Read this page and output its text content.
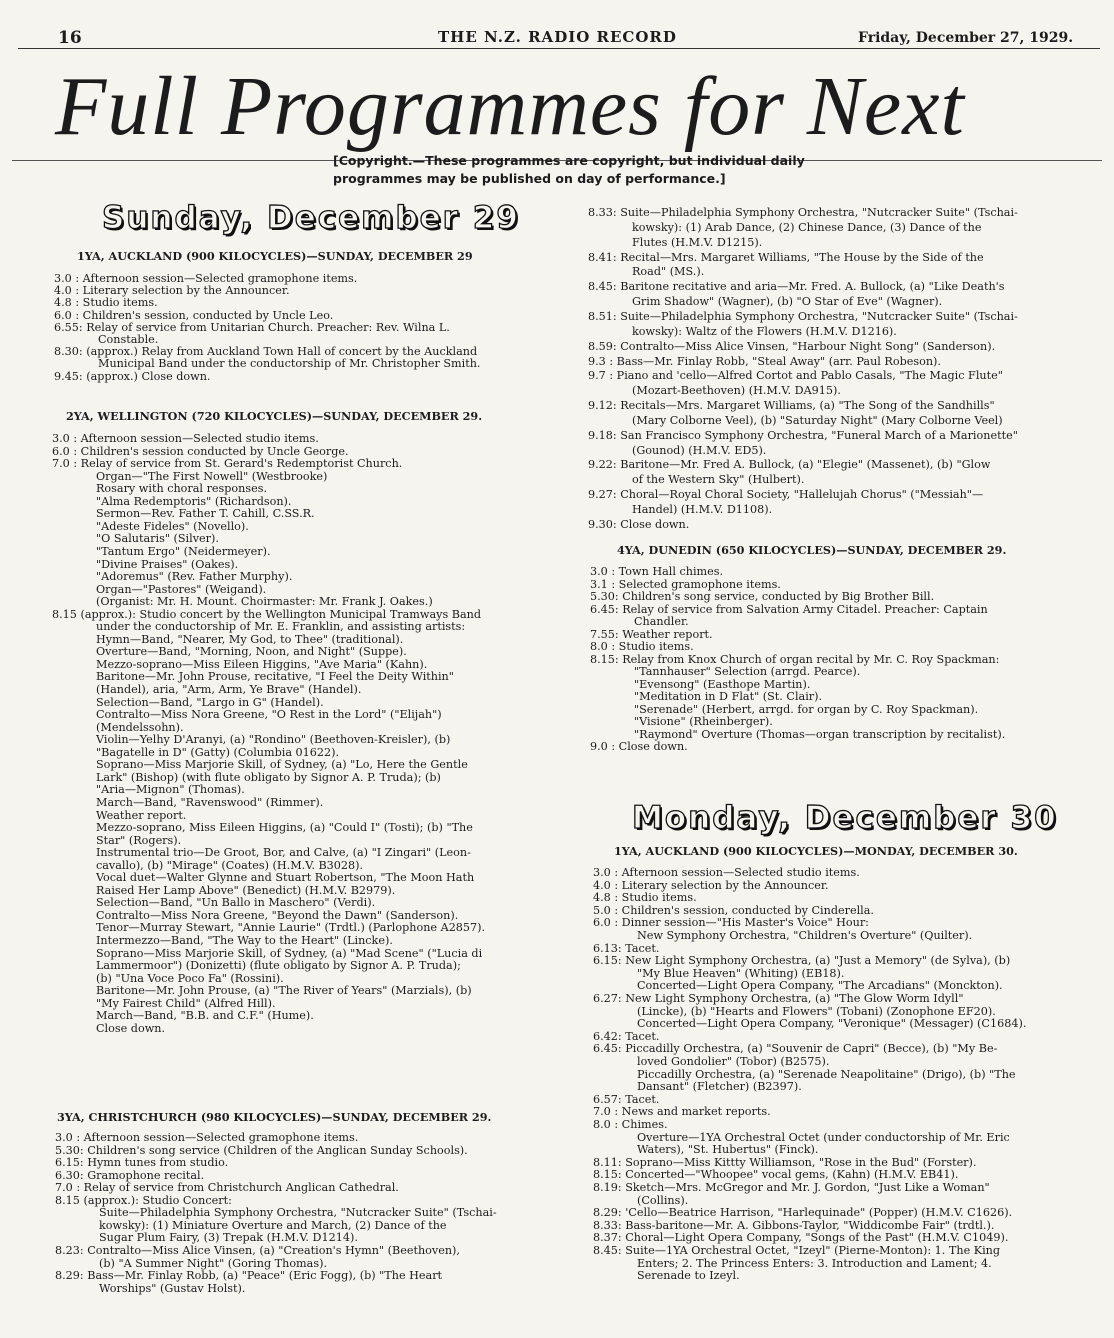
16	THE N.Z. RADIO RECORD	Friday, December 27, 1929.
Full Programmes for Next
[Copyright.—These programmes are copyright, but individual daily programmes may be published on day of performance.]
Sunday, December 29
1YA, AUCKLAND (900 KILOCYCLES)—SUNDAY, DECEMBER 29
3.0 : Afternoon session—Selected gramophone items.
4.0 : Literary selection by the Announcer.
4.8 : Studio items.
6.0 : Children's session, conducted by Uncle Leo.
6.55: Relay of service from Unitarian Church. Preacher: Rev. Wilna L.
Constable.
8.30: (approx.) Relay from Auckland Town Hall of concert by the Auckland
Municipal Band under the conductorship of Mr. Christopher Smith.
9.45: (approx.) Close down.
2YA, WELLINGTON (720 KILOCYCLES)—SUNDAY, DECEMBER 29.
3.0 : Afternoon session—Selected studio items.
6.0 : Children's session conducted by Uncle George.
7.0 : Relay of service from St. Gerard's Redemptorist Church.
Organ—"The First Nowell" (Westbrooke)
Rosary with choral responses.
"Alma Redemptoris" (Richardson).
Sermon—Rev. Father T. Cahill, C.SS.R.
"Adeste Fideles" (Novello).
"O Salutaris" (Silver).
"Tantum Ergo" (Neidermeyer).
"Divine Praises" (Oakes).
"Adoremus" (Rev. Father Murphy).
Organ—"Pastores" (Weigand).
(Organist: Mr. H. Mount. Choirmaster: Mr. Frank J. Oakes.)
8.15 (approx.): Studio concert by the Wellington Municipal Tramways Band
under the conductorship of Mr. E. Franklin, and assisting artists:
Hymn—Band, "Nearer, My God, to Thee" (traditional).
Overture—Band, "Morning, Noon, and Night" (Suppe).
Mezzo-soprano—Miss Eileen Higgins, "Ave Maria" (Kahn).
Baritone—Mr. John Prouse, recitative, "I Feel the Deity Within"
(Handel), aria, "Arm, Arm, Ye Brave" (Handel).
Selection—Band, "Largo in G" (Handel).
Contralto—Miss Nora Greene, "O Rest in the Lord" ("Elijah")
(Mendelssohn).
Violin—Yelhy D'Aranyi, (a) "Rondino" (Beethoven-Kreisler), (b)
"Bagatelle in D" (Gatty) (Columbia 01622).
Soprano—Miss Marjorie Skill, of Sydney, (a) "Lo, Here the Gentle
Lark" (Bishop) (with flute obligato by Signor A. P. Truda); (b)
"Aria—Mignon" (Thomas).
March—Band, "Ravenswood" (Rimmer).
Weather report.
Mezzo-soprano, Miss Eileen Higgins, (a) "Could I" (Tosti); (b) "The
Star" (Rogers).
Instrumental trio—De Groot, Bor, and Calve, (a) "I Zingari" (Leon-
cavallo), (b) "Mirage" (Coates) (H.M.V. B3028).
Vocal duet—Walter Glynne and Stuart Robertson, "The Moon Hath
Raised Her Lamp Above" (Benedict) (H.M.V. B2979).
Selection—Band, "Un Ballo in Maschero" (Verdi).
Contralto—Miss Nora Greene, "Beyond the Dawn" (Sanderson).
Tenor—Murray Stewart, "Annie Laurie" (Trdtl.) (Parlophone A2857).
Intermezzo—Band, "The Way to the Heart" (Lincke).
Soprano—Miss Marjorie Skill, of Sydney, (a) "Mad Scene" ("Lucia di
Lammermoor") (Donizetti) (flute obligato by Signor A. P. Truda);
(b) "Una Voce Poco Fa" (Rossini).
Baritone—Mr. John Prouse, (a) "The River of Years" (Marzials), (b)
"My Fairest Child" (Alfred Hill).
March—Band, "B.B. and C.F." (Hume).
Close down.
3YA, CHRISTCHURCH (980 KILOCYCLES)—SUNDAY, DECEMBER 29.
3.0 : Afternoon session—Selected gramophone items.
5.30: Children's song service (Children of the Anglican Sunday Schools).
6.15: Hymn tunes from studio.
6.30: Gramophone recital.
7.0 : Relay of service from Christchurch Anglican Cathedral.
8.15 (approx.): Studio Concert:
Suite—Philadelphia Symphony Orchestra, "Nutcracker Suite" (Tschai-
kowsky): (1) Miniature Overture and March, (2) Dance of the
Sugar Plum Fairy, (3) Trepak (H.M.V. D1214).
8.23: Contralto—Miss Alice Vinsen, (a) "Creation's Hymn" (Beethoven),
(b) "A Summer Night" (Goring Thomas).
8.29: Bass—Mr. Finlay Robb, (a) "Peace" (Eric Fogg), (b) "The Heart
Worships" (Gustav Holst).
8.33: Suite—Philadelphia Symphony Orchestra, "Nutcracker Suite" (Tschai-
kowsky): (1) Arab Dance, (2) Chinese Dance, (3) Dance of the
Flutes (H.M.V. D1215).
8.41: Recital—Mrs. Margaret Williams, "The House by the Side of the
Road" (MS.).
8.45: Baritone recitative and aria—Mr. Fred. A. Bullock, (a) "Like Death's
Grim Shadow" (Wagner), (b) "O Star of Eve" (Wagner).
8.51: Suite—Philadelphia Symphony Orchestra, "Nutcracker Suite" (Tschai-
kowsky): Waltz of the Flowers (H.M.V. D1216).
8.59: Contralto—Miss Alice Vinsen, "Harbour Night Song" (Sanderson).
9.3 : Bass—Mr. Finlay Robb, "Steal Away" (arr. Paul Robeson).
9.7 : Piano and 'cello—Alfred Cortot and Pablo Casals, "The Magic Flute"
(Mozart-Beethoven) (H.M.V. DA915).
9.12: Recitals—Mrs. Margaret Williams, (a) "The Song of the Sandhills"
(Mary Colborne Veel), (b) "Saturday Night" (Mary Colborne Veel)
9.18: San Francisco Symphony Orchestra, "Funeral March of a Marionette"
(Gounod) (H.M.V. ED5).
9.22: Baritone—Mr. Fred A. Bullock, (a) "Elegie" (Massenet), (b) "Glow
of the Western Sky" (Hulbert).
9.27: Choral—Royal Choral Society, "Hallelujah Chorus" ("Messiah"—
Handel) (H.M.V. D1108).
9.30: Close down.
4YA, DUNEDIN (650 KILOCYCLES)—SUNDAY, DECEMBER 29.
3.0 : Town Hall chimes.
3.1 : Selected gramophone items.
5.30: Children's song service, conducted by Big Brother Bill.
6.45: Relay of service from Salvation Army Citadel. Preacher: Captain
Chandler.
7.55: Weather report.
8.0 : Studio items.
8.15: Relay from Knox Church of organ recital by Mr. C. Roy Spackman:
"Tannhauser" Selection (arrgd. Pearce).
"Evensong" (Easthope Martin).
"Meditation in D Flat" (St. Clair).
"Serenade" (Herbert, arrgd. for organ by C. Roy Spackman).
"Visione" (Rheinberger).
"Raymond" Overture (Thomas—organ transcription by recitalist).
9.0 : Close down.
Monday, December 30
1YA, AUCKLAND (900 KILOCYCLES)—MONDAY, DECEMBER 30.
3.0 : Afternoon session—Selected studio items.
4.0 : Literary selection by the Announcer.
4.8 : Studio items.
5.0 : Children's session, conducted by Cinderella.
6.0 : Dinner session—"His Master's Voice" Hour:
New Symphony Orchestra, "Children's Overture" (Quilter).
6.13: Tacet.
6.15: New Light Symphony Orchestra, (a) "Just a Memory" (de Sylva), (b)
"My Blue Heaven" (Whiting) (EB18).
Concerted—Light Opera Company, "The Arcadians" (Monckton).
6.27: New Light Symphony Orchestra, (a) "The Glow Worm Idyll"
(Lincke), (b) "Hearts and Flowers" (Tobani) (Zonophone EF20).
Concerted—Light Opera Company, "Veronique" (Messager) (C1684).
6.42: Tacet.
6.45: Piccadilly Orchestra, (a) "Souvenir de Capri" (Becce), (b) "My Be-
loved Gondolier" (Tobor) (B2575).
Piccadilly Orchestra, (a) "Serenade Neapolitaine" (Drigo), (b) "The
Dansant" (Fletcher) (B2397).
6.57: Tacet.
7.0 : News and market reports.
8.0 : Chimes.
Overture—1YA Orchestral Octet (under conductorship of Mr. Eric
Waters), "St. Hubertus" (Finck).
8.11: Soprano—Miss Kittty Williamson, "Rose in the Bud" (Forster).
8.15: Concerted—"Whoopee" vocal gems, (Kahn) (H.M.V. EB41).
8.19: Sketch—Mrs. McGregor and Mr. J. Gordon, "Just Like a Woman"
(Collins).
8.29: 'Cello—Beatrice Harrison, "Harlequinade" (Popper) (H.M.V. C1626).
8.33: Bass-baritone—Mr. A. Gibbons-Taylor, "Widdicombe Fair" (trdtl.).
8.37: Choral—Light Opera Company, "Songs of the Past" (H.M.V. C1049).
8.45: Suite—1YA Orchestral Octet, "Izeyl" (Pierne-Monton): 1. The King
Enters; 2. The Princess Enters: 3. Introduction and Lament; 4.
Serenade to Izeyl.
